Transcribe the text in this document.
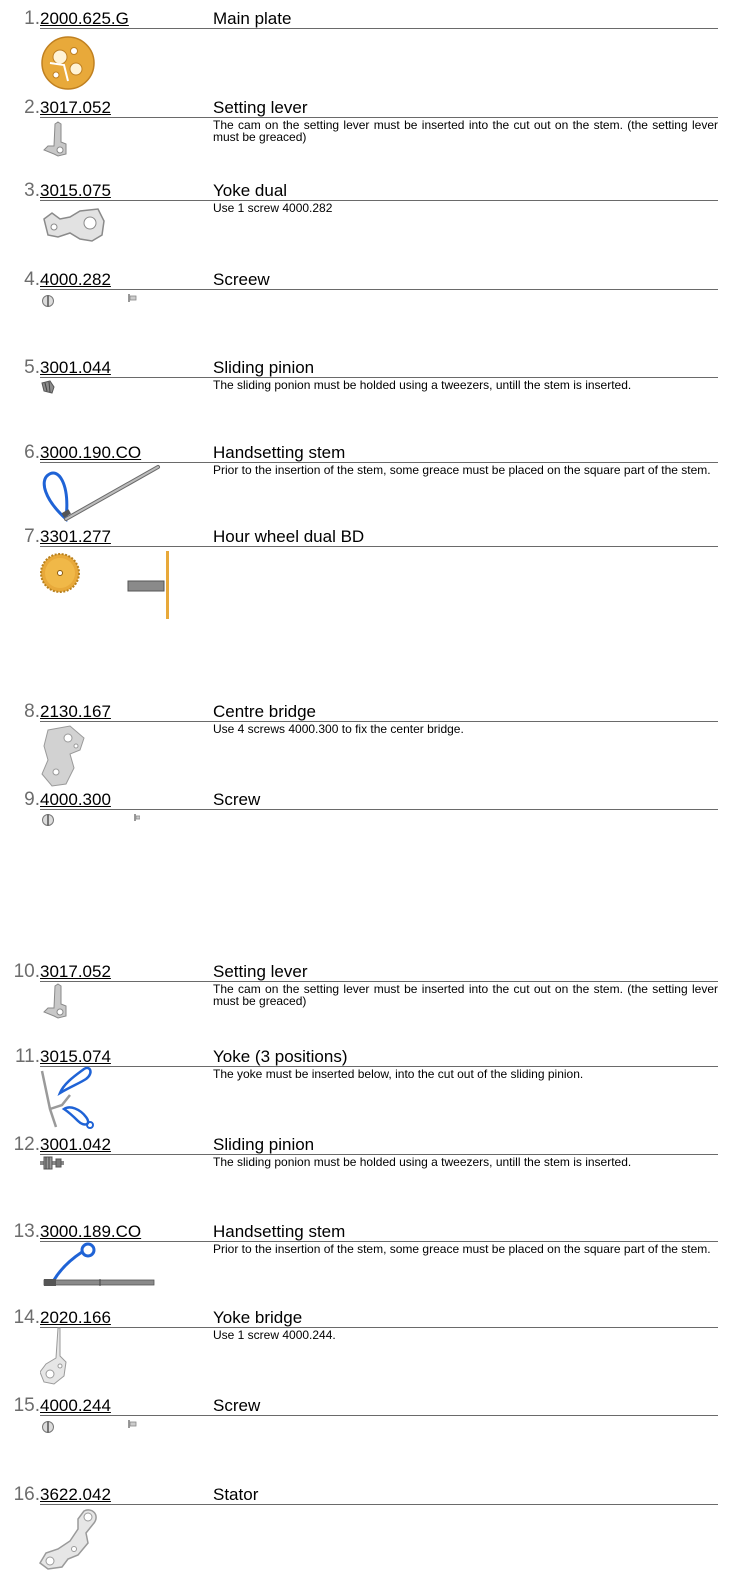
1. 2000.625.G	Main plate
2. 3017.052	Setting lever
The cam on the setting lever must be inserted into the cut out on the stem. (the setting lever must be greaced)
3. 3015.075	Yoke dual
Use 1 screw 4000.282
4. 4000.282	Screew
5. 3001.044	Sliding pinion
The sliding ponion must be holded using a tweezers, untill the stem is inserted.
6. 3000.190.CO	Handsetting stem
Prior to the insertion of the stem, some greace must be placed on the square part of the stem.
7. 3301.277	Hour wheel dual BD
8. 2130.167	Centre bridge
Use 4 screws 4000.300 to fix the center bridge.
9. 4000.300	Screw
10. 3017.052	Setting lever
The cam on the setting lever must be inserted into the cut out on the stem. (the setting lever must be greaced)
11. 3015.074	Yoke (3 positions)
The yoke must be inserted below, into the cut out of the sliding pinion.
12. 3001.042	Sliding pinion
The sliding ponion must be holded using a tweezers, untill the stem is inserted.
13. 3000.189.CO	Handsetting stem
Prior to the insertion of the stem, some greace must be placed on the square part of the stem.
14. 2020.166	Yoke bridge
Use 1 screw 4000.244.
15. 4000.244	Screw
16. 3622.042	Stator
